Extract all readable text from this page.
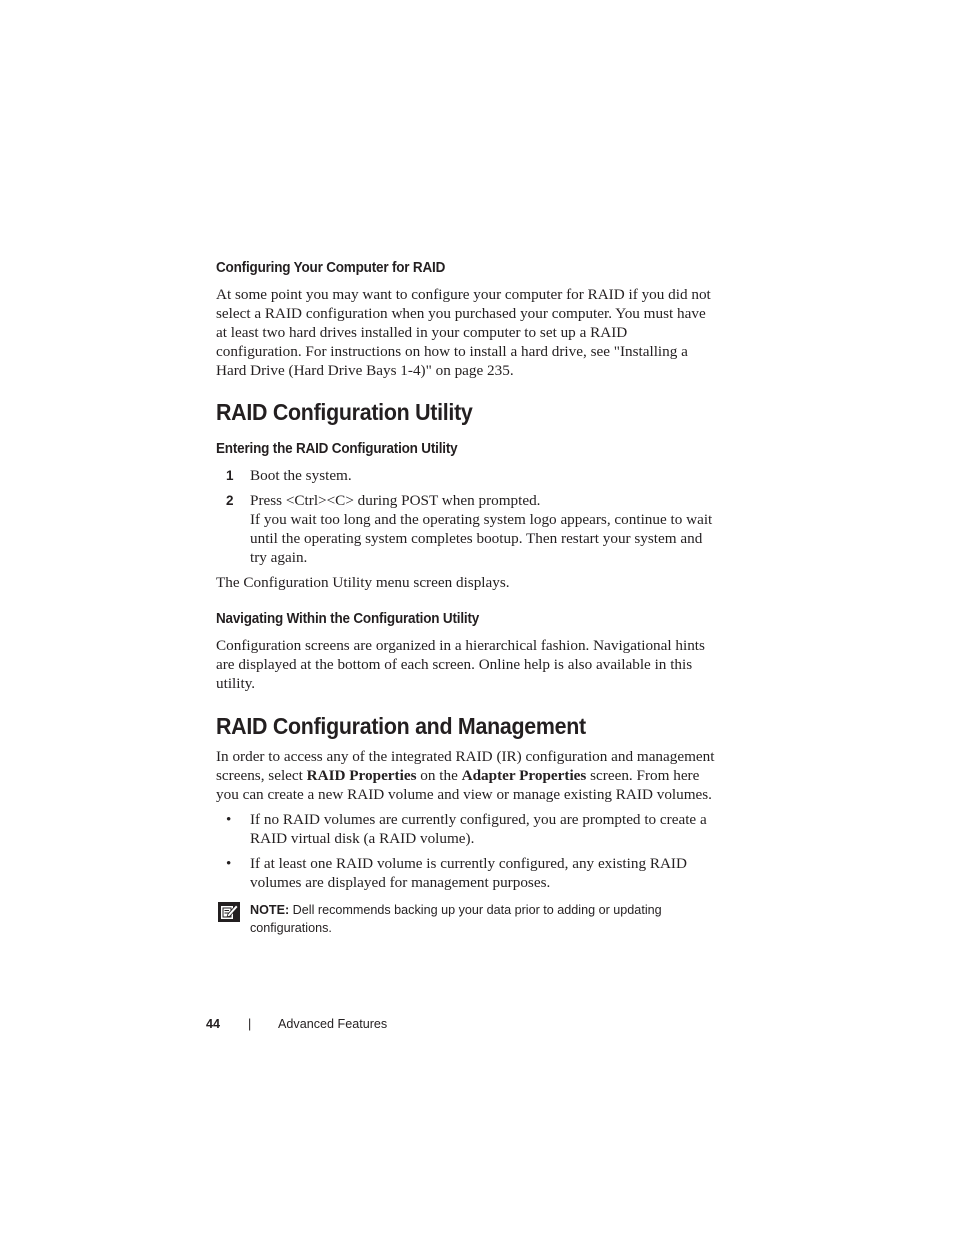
Configuring Your Computer for RAID

At some point you may want to configure your computer for RAID if you did not select a RAID configuration when you purchased your computer. You must have at least two hard drives installed in your computer to set up a RAID configuration. For instructions on how to install a hard drive, see "Installing a Hard Drive (Hard Drive Bays 1-4)" on page 235.

RAID Configuration Utility
Entering the RAID Configuration Utility
1 Boot the system.
2 Press <Ctrl><C> during POST when prompted.
If you wait too long and the operating system logo appears, continue to wait until the operating system completes bootup. Then restart your system and try again.

The Configuration Utility menu screen displays.

Navigating Within the Configuration Utility

Configuration screens are organized in a hierarchical fashion. Navigational hints are displayed at the bottom of each screen. Online help is also available in this utility.

RAID Configuration and Management

In order to access any of the integrated RAID (IR) configuration and management screens, select RAID Properties on the Adapter Properties screen. From here you can create a new RAID volume and view or manage existing RAID volumes.

• If no RAID volumes are currently configured, you are prompted to create a RAID virtual disk (a RAID volume).
• If at least one RAID volume is currently configured, any existing RAID volumes are displayed for management purposes.
NOTE: Dell recommends backing up your data prior to adding or updating configurations.
44 | Advanced Features
